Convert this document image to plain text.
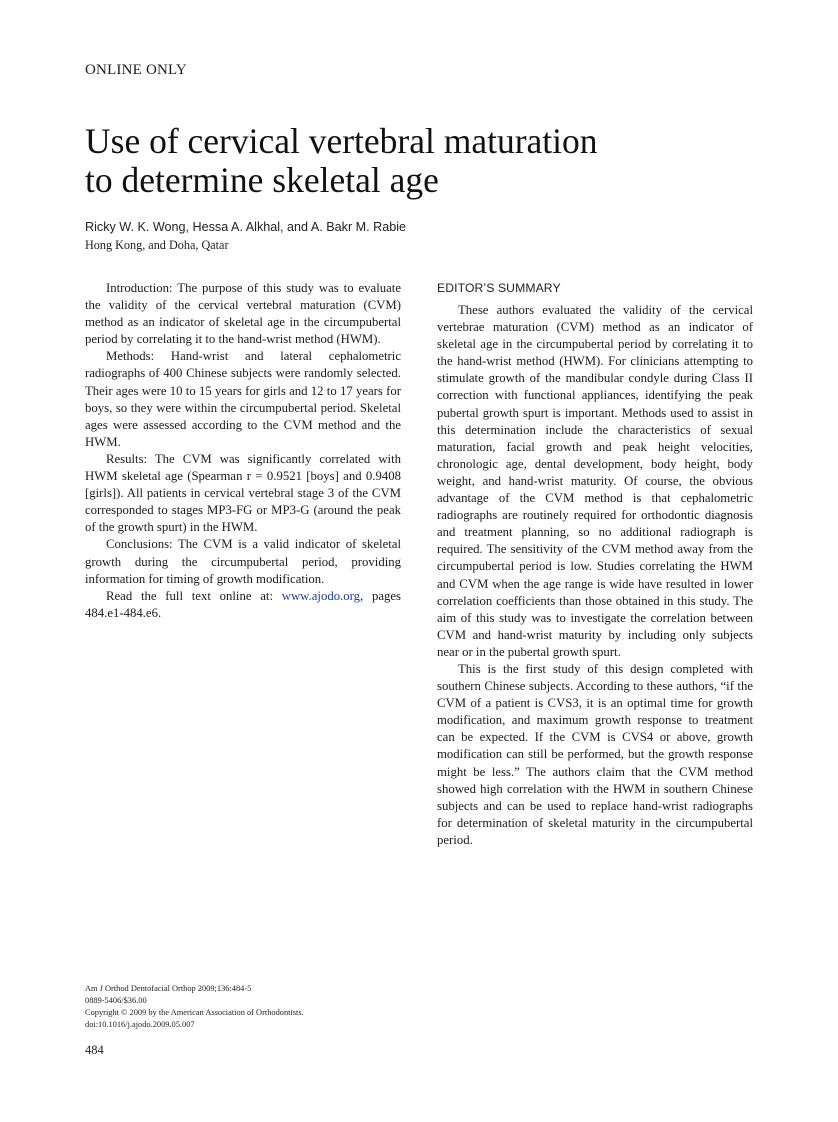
ONLINE ONLY
Use of cervical vertebral maturation
to determine skeletal age
Ricky W. K. Wong, Hessa A. Alkhal, and A. Bakr M. Rabie
Hong Kong, and Doha, Qatar

Introduction: The purpose of this study was to evaluate the validity of the cervical vertebral maturation (CVM) method as an indicator of skeletal age in the circumpubertal period by correlating it to the hand-wrist method (HWM).

Methods: Hand-wrist and lateral cephalometric radiographs of 400 Chinese subjects were randomly selected. Their ages were 10 to 15 years for girls and 12 to 17 years for boys, so they were within the circumpubertal period. Skeletal ages were assessed according to the CVM method and the HWM.

Results: The CVM was significantly correlated with HWM skeletal age (Spearman r = 0.9521 [boys] and 0.9408 [girls]). All patients in cervical vertebral stage 3 of the CVM corresponded to stages MP3-FG or MP3-G (around the peak of the growth spurt) in the HWM.

Conclusions: The CVM is a valid indicator of skeletal growth during the circumpubertal period, providing information for timing of growth modification.

Read the full text online at: www.ajodo.org, pages 484.e1-484.e6.

EDITOR’S SUMMARY

These authors evaluated the validity of the cervical vertebrae maturation (CVM) method as an indicator of skeletal age in the circumpubertal period by correlating it to the hand-wrist method (HWM). For clinicians attempting to stimulate growth of the mandibular condyle during Class II correction with functional appliances, identifying the peak pubertal growth spurt is important. Methods used to assist in this determination include the characteristics of sexual maturation, facial growth and peak height velocities, chronologic age, dental development, body height, body weight, and hand-wrist maturity. Of course, the obvious advantage of the CVM method is that cephalometric radiographs are routinely required for orthodontic diagnosis and treatment planning, so no additional radiograph is required. The sensitivity of the CVM method away from the circumpubertal period is low. Studies correlating the HWM and CVM when the age range is wide have resulted in lower correlation coefficients than those obtained in this study. The aim of this study was to investigate the correlation between CVM and hand-wrist maturity by including only subjects near or in the pubertal growth spurt.

This is the first study of this design completed with southern Chinese subjects. According to these authors, “if the CVM of a patient is CVS3, it is an optimal time for growth modification, and maximum growth response to treatment can be expected. If the CVM is CVS4 or above, growth modification can still be performed, but the growth response might be less.” The authors claim that the CVM method showed high correlation with the HWM in southern Chinese subjects and can be used to replace hand-wrist radiographs for determination of skeletal maturity in the circumpubertal period.

Am J Orthod Dentofacial Orthop 2009;136:484-5
0889-5406/$36.00
Copyright © 2009 by the American Association of Orthodontists.
doi:10.1016/j.ajodo.2009.05.007
484
